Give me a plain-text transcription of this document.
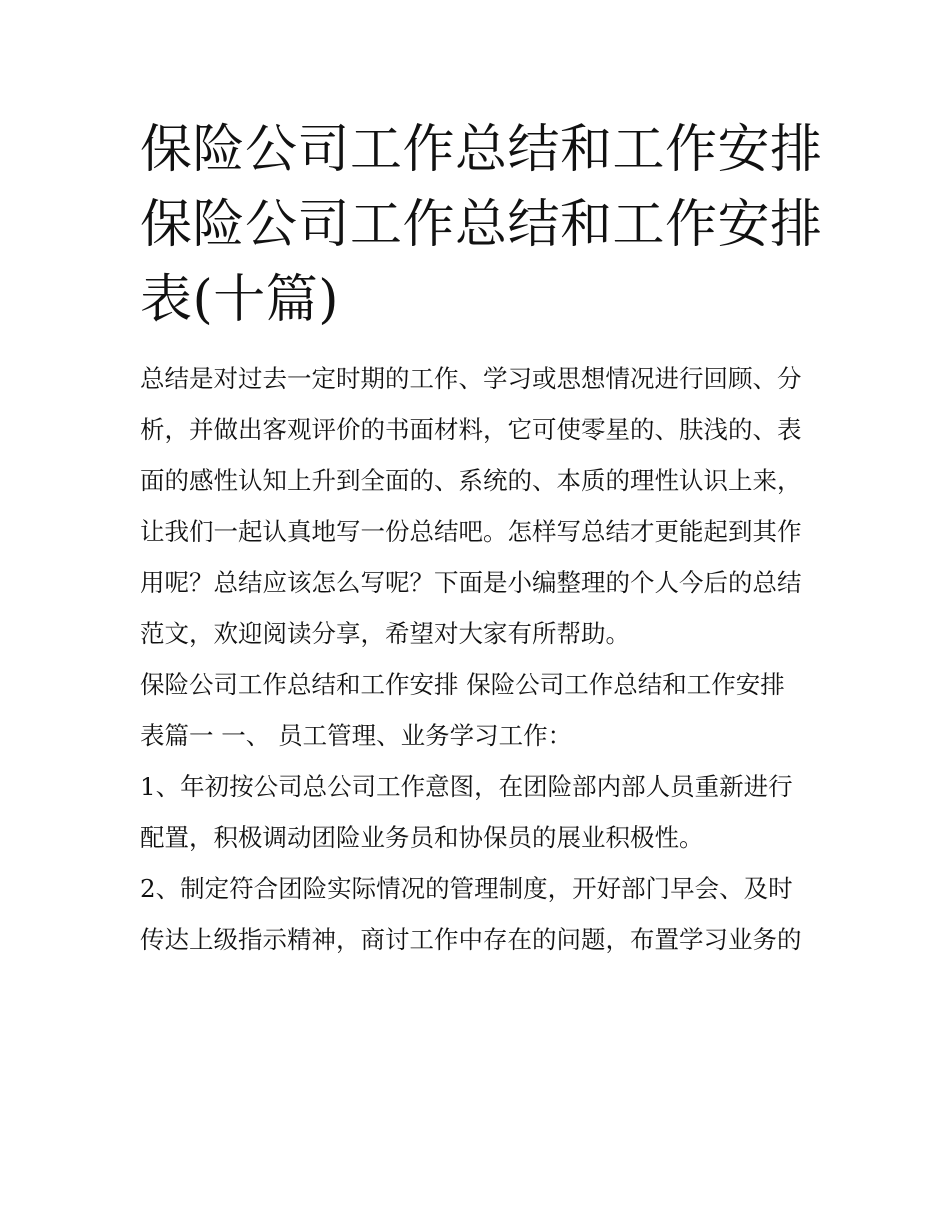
保险公司工作总结和工作安排
保险公司工作总结和工作安排
表(十篇)
总结是对过去一定时期的工作、学习或思想情况进行回顾、分
析，并做出客观评价的书面材料，它可使零星的、肤浅的、表
面的感性认知上升到全面的、系统的、本质的理性认识上来，
让我们一起认真地写一份总结吧。怎样写总结才更能起到其作
用呢？总结应该怎么写呢？下面是小编整理的个人今后的总结
范文，欢迎阅读分享，希望对大家有所帮助。
保险公司工作总结和工作安排 保险公司工作总结和工作安排
表篇一 一、 员工管理、业务学习工作：
1、年初按公司总公司工作意图，在团险部内部人员重新进行
配置，积极调动团险业务员和协保员的展业积极性。
2、制定符合团险实际情况的管理制度，开好部门早会、及时
传达上级指示精神，商讨工作中存在的问题，布置学习业务的
